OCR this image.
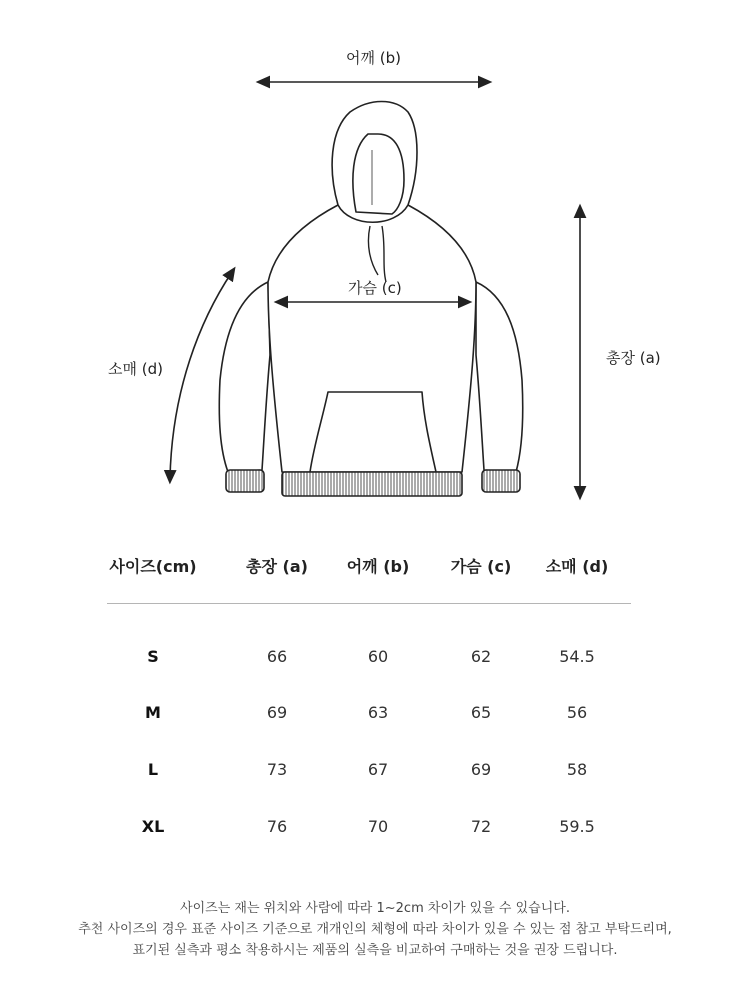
어깨 (b)
가슴 (c)
소매 (d)
총장 (a)
사이즈(cm)	총장 (a)	어깨 (b)	가슴 (c)	소매 (d)
S	66	60	62	54.5
M	69	63	65	56
L	73	67	69	58
XL	76	70	72	59.5
사이즈는 재는 위치와 사람에 따라 1~2cm 차이가 있을 수 있습니다.
추천 사이즈의 경우 표준 사이즈 기준으로 개개인의 체형에 따라 차이가 있을 수 있는 점 참고 부탁드리며,
표기된 실측과 평소 착용하시는 제품의 실측을 비교하여 구매하는 것을 권장 드립니다.
